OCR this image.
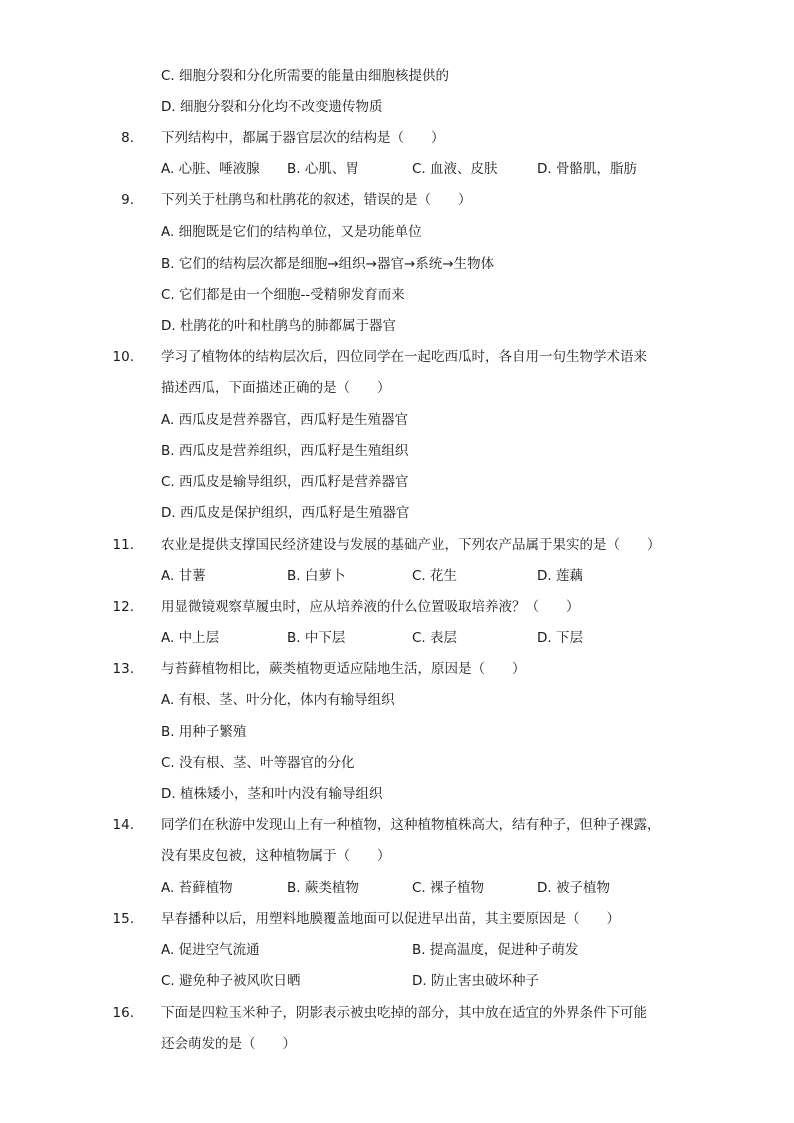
C. 细胞分裂和分化所需要的能量由细胞核提供的
D. 细胞分裂和分化均不改变遗传物质
8. 下列结构中，都属于器官层次的结构是（　　）
A. 心脏、唾液腺 B. 心肌、胃	C. 血液、皮肤	D. 骨骼肌，脂肪
9. 下列关于杜鹃鸟和杜鹃花的叙述，错误的是（　　）
A. 细胞既是它们的结构单位，又是功能单位
B. 它们的结构层次都是细胞→组织→器官→系统→生物体
C. 它们都是由一个细胞--受精卵发育而来
D. 杜鹃花的叶和杜鹃鸟的肺都属于器官
10. 学习了植物体的结构层次后，四位同学在一起吃西瓜时，各自用一句生物学术语来
描述西瓜，下面描述正确的是（　　）
A. 西瓜皮是营养器官，西瓜籽是生殖器官
B. 西瓜皮是营养组织，西瓜籽是生殖组织
C. 西瓜皮是输导组织，西瓜籽是营养器官
D. 西瓜皮是保护组织，西瓜籽是生殖器官
11. 农业是提供支撑国民经济建设与发展的基础产业，下列农产品属于果实的是（　　）
A. 甘薯	B. 白萝卜	C. 花生	D. 莲藕
12. 用显微镜观察草履虫时，应从培养液的什么位置吸取培养液？（　　）
A. 中上层	B. 中下层	C. 表层	D. 下层
13. 与苔藓植物相比，蕨类植物更适应陆地生活，原因是（　　）
A. 有根、茎、叶分化，体内有输导组织
B. 用种子繁殖
C. 没有根、茎、叶等器官的分化
D. 植株矮小，茎和叶内没有输导组织
14. 同学们在秋游中发现山上有一种植物，这种植物植株高大，结有种子，但种子裸露，
没有果皮包被，这种植物属于（　　）
A. 苔藓植物	B. 蕨类植物	C. 裸子植物	D. 被子植物
15. 早春播种以后，用塑料地膜覆盖地面可以促进早出苗，其主要原因是（　　）
A. 促进空气流通	B. 提高温度，促进种子萌发
C. 避免种子被风吹日晒	D. 防止害虫破坏种子
16. 下面是四粒玉米种子，阴影表示被虫吃掉的部分，其中放在适宜的外界条件下可能
还会萌发的是（　　）
